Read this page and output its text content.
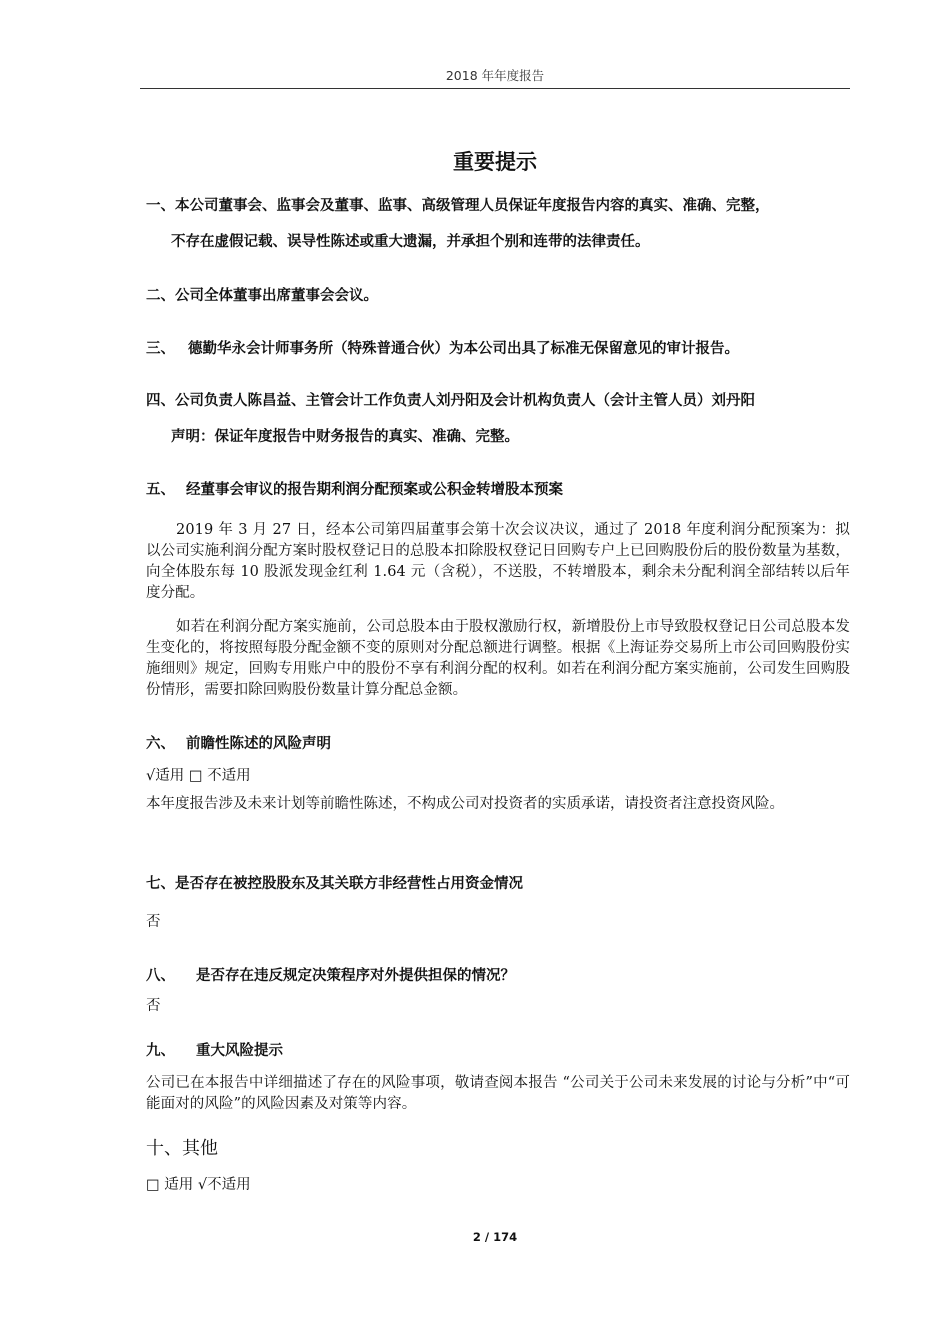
2018 年年度报告
重要提示
一、本公司董事会、监事会及董事、监事、高级管理人员保证年度报告内容的真实、准确、完整，
不存在虚假记载、误导性陈述或重大遗漏，并承担个别和连带的法律责任。
二、公司全体董事出席董事会会议。
三、 德勤华永会计师事务所（特殊普通合伙）为本公司出具了标准无保留意见的审计报告。
四、公司负责人陈昌益、主管会计工作负责人刘丹阳及会计机构负责人（会计主管人员）刘丹阳
声明：保证年度报告中财务报告的真实、准确、完整。
五、 经董事会审议的报告期利润分配预案或公积金转增股本预案
2019 年 3 月 27 日，经本公司第四届董事会第十次会议决议，通过了 2018 年度利润分配预案为：拟以公司实施利润分配方案时股权登记日的总股本扣除股权登记日回购专户上已回购股份后的股份数量为基数，向全体股东每 10 股派发现金红利 1.64 元（含税），不送股，不转增股本，剩余未分配利润全部结转以后年度分配。
如若在利润分配方案实施前，公司总股本由于股权激励行权，新增股份上市导致股权登记日公司总股本发生变化的，将按照每股分配金额不变的原则对分配总额进行调整。根据《上海证券交易所上市公司回购股份实施细则》规定，回购专用账户中的股份不享有利润分配的权利。如若在利润分配方案实施前，公司发生回购股份情形，需要扣除回购股份数量计算分配总金额。
六、 前瞻性陈述的风险声明
√适用 □ 不适用
本年度报告涉及未来计划等前瞻性陈述，不构成公司对投资者的实质承诺，请投资者注意投资风险。
七、是否存在被控股股东及其关联方非经营性占用资金情况
否
八、 是否存在违反规定决策程序对外提供担保的情况？
否
九、 重大风险提示
公司已在本报告中详细描述了存在的风险事项，敬请查阅本报告 “公司关于公司未来发展的讨论与分析”中“可能面对的风险”的风险因素及对策等内容。
十、其他
□ 适用 √不适用
2 / 174
